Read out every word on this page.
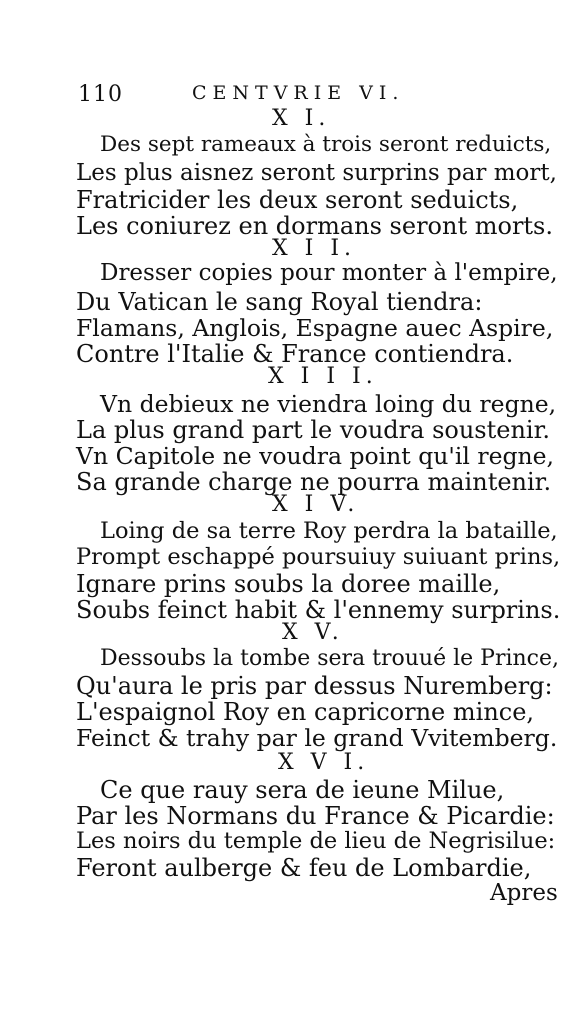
110	CENTVRIE VI.
X I.
Des sept rameaux à trois seront reduicts,
Les plus aisnez seront surprins par mort,
Fratricider les deux seront seduicts,
Les coniurez en dormans seront morts.
X I I.
Dresser copies pour monter à l'empire,
Du Vatican le sang Royal tiendra:
Flamans, Anglois, Espagne auec Aspire,
Contre l'Italie & France contiendra.
X I I I.
Vn debieux ne viendra loing du regne,
La plus grand part le voudra soustenir.
Vn Capitole ne voudra point qu'il regne,
Sa grande charge ne pourra maintenir.
X I V.
Loing de sa terre Roy perdra la bataille,
Prompt eschappé poursuiuy suiuant prins,
Ignare prins soubs la doree maille,
Soubs feinct habit & l'ennemy surprins.
X V.
Dessoubs la tombe sera trouué le Prince,
Qu'aura le pris par dessus Nuremberg:
L'espaignol Roy en capricorne mince,
Feinct & trahy par le grand Vvitemberg.
X V I.
Ce que rauy sera de ieune Milue,
Par les Normans du France & Picardie:
Les noirs du temple de lieu de Negrisilue:
Feront aulberge & feu de Lombardie,
Apres
